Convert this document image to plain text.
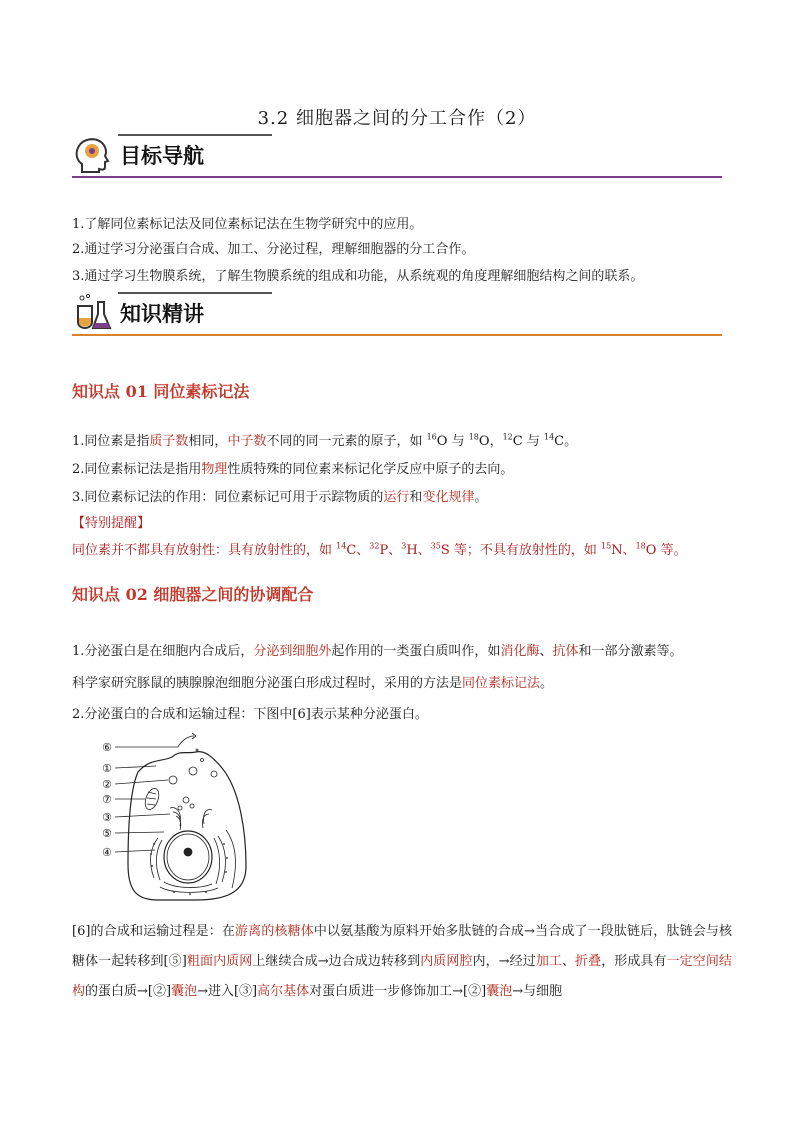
3.2 细胞器之间的分工合作（2）
目标导航
1.了解同位素标记法及同位素标记法在生物学研究中的应用。
2.通过学习分泌蛋白合成、加工、分泌过程，理解细胞器的分工合作。
3.通过学习生物膜系统，了解生物膜系统的组成和功能，从系统观的角度理解细胞结构之间的联系。
知识精讲
知识点 01 同位素标记法
1.同位素是指质子数相同，中子数不同的同一元素的原子，如 $^{16}$O 与 $^{18}$O，$^{12}$C 与 $^{14}$C。
2.同位素标记法是指用物理性质特殊的同位素来标记化学反应中原子的去向。
3.同位素标记法的作用：同位素标记可用于示踪物质的运行和变化规律。
【特别提醒】
同位素并不都具有放射性：具有放射性的，如 $^{14}$C、$^{32}$P、$^3$H、$^{35}$S 等；不具有放射性的，如 $^{15}$N、$^{18}$O 等。
知识点 02 细胞器之间的协调配合
1.分泌蛋白是在细胞内合成后，分泌到细胞外起作用的一类蛋白质叫作，如消化酶、抗体和一部分激素等。
科学家研究豚鼠的胰腺腺泡细胞分泌蛋白形成过程时，采用的方法是同位素标记法。
2.分泌蛋白的合成和运输过程：下图中[6]表示某种分泌蛋白。
⑥
①
②
⑦
③
⑤
④
[6]的合成和运输过程是：在游离的核糖体中以氨基酸为原料开始多肽链的合成→当合成了一段肽链后，肽链会与核糖体一起转移到[⑤]粗面内质网上继续合成→边合成边转移到内质网腔内，→经过加工、折叠，形成具有一定空间结构的蛋白质→[②]囊泡→进入[③]高尔基体对蛋白质进一步修饰加工→[②]囊泡→与细胞
